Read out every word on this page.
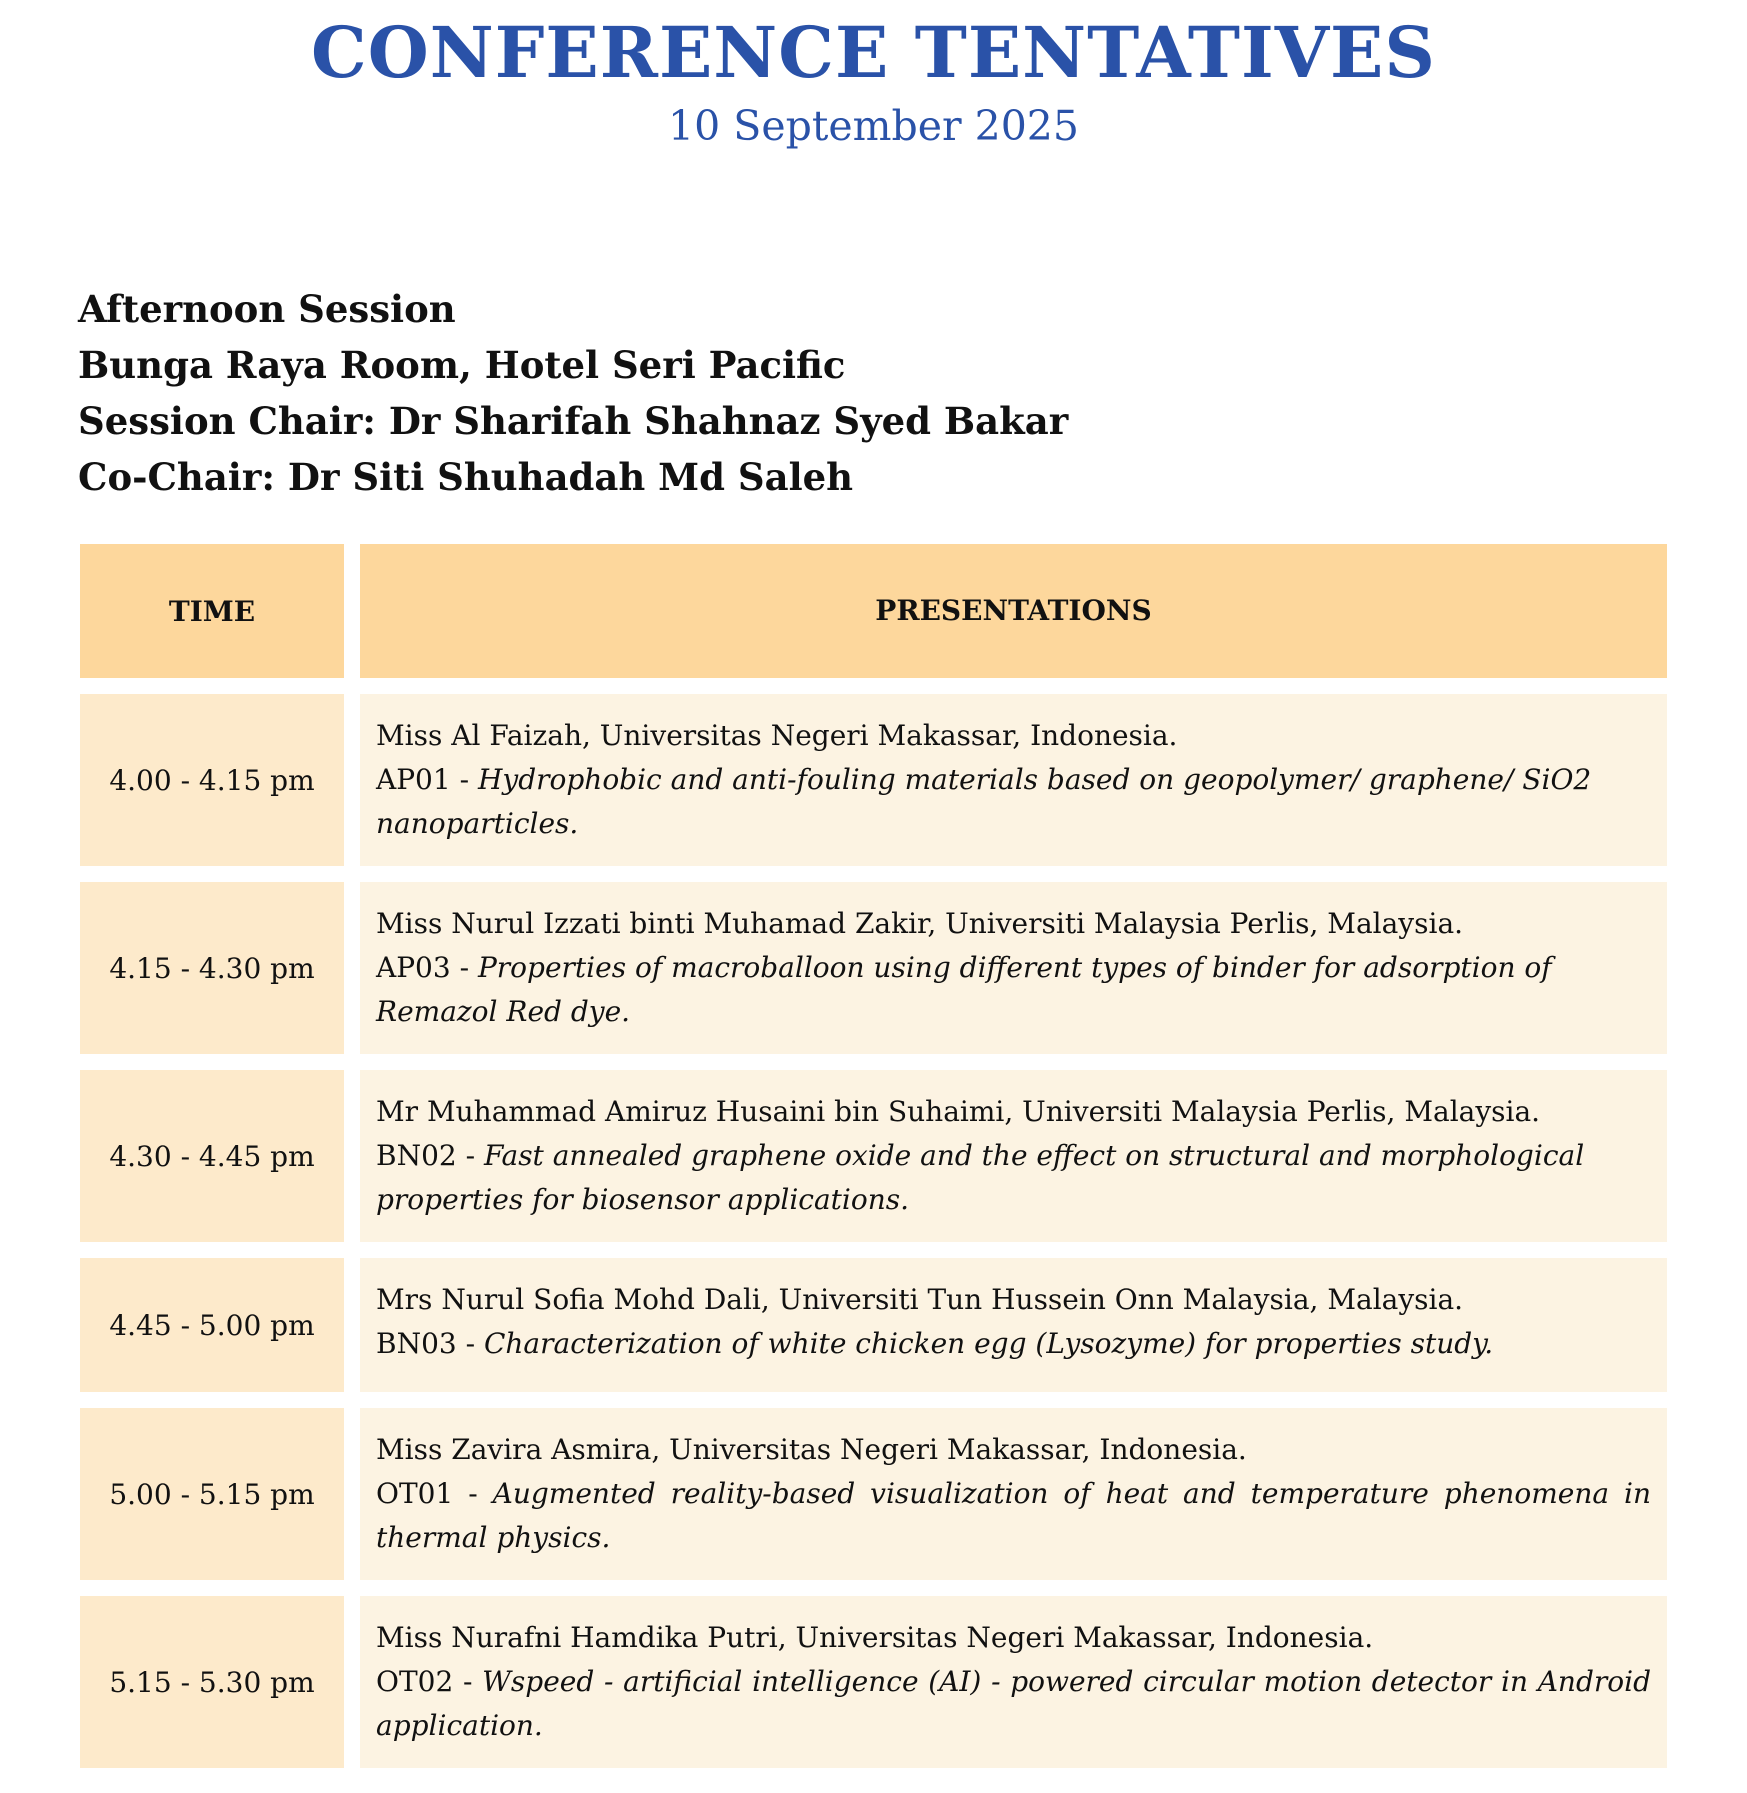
CONFERENCE TENTATIVES
10 September 2025
Afternoon Session
Bunga Raya Room, Hotel Seri Pacific
Session Chair: Dr Sharifah Shahnaz Syed Bakar
Co-Chair: Dr Siti Shuhadah Md Saleh
TIME	PRESENTATIONS
4.00 - 4.15 pm
Miss Al Faizah, Universitas Negeri Makassar, Indonesia.
AP01 - Hydrophobic and anti-fouling materials based on geopolymer/ graphene/ SiO2 nanoparticles.
4.15 - 4.30 pm
Miss Nurul Izzati binti Muhamad Zakir, Universiti Malaysia Perlis, Malaysia.
AP03 - Properties of macroballoon using different types of binder for adsorption of Remazol Red dye.
4.30 - 4.45 pm
Mr Muhammad Amiruz Husaini bin Suhaimi, Universiti Malaysia Perlis, Malaysia.
BN02 - Fast annealed graphene oxide and the effect on structural and morphological properties for biosensor applications.
4.45 - 5.00 pm
Mrs Nurul Sofia Mohd Dali, Universiti Tun Hussein Onn Malaysia, Malaysia.
BN03 - Characterization of white chicken egg (Lysozyme) for properties study.
5.00 - 5.15 pm
Miss Zavira Asmira, Universitas Negeri Makassar, Indonesia.
OT01 - Augmented reality-based visualization of heat and temperature phenomena in thermal physics.
5.15 - 5.30 pm
Miss Nurafni Hamdika Putri, Universitas Negeri Makassar, Indonesia.
OT02 - Wspeed - artificial intelligence (AI) - powered circular motion detector in Android application.
